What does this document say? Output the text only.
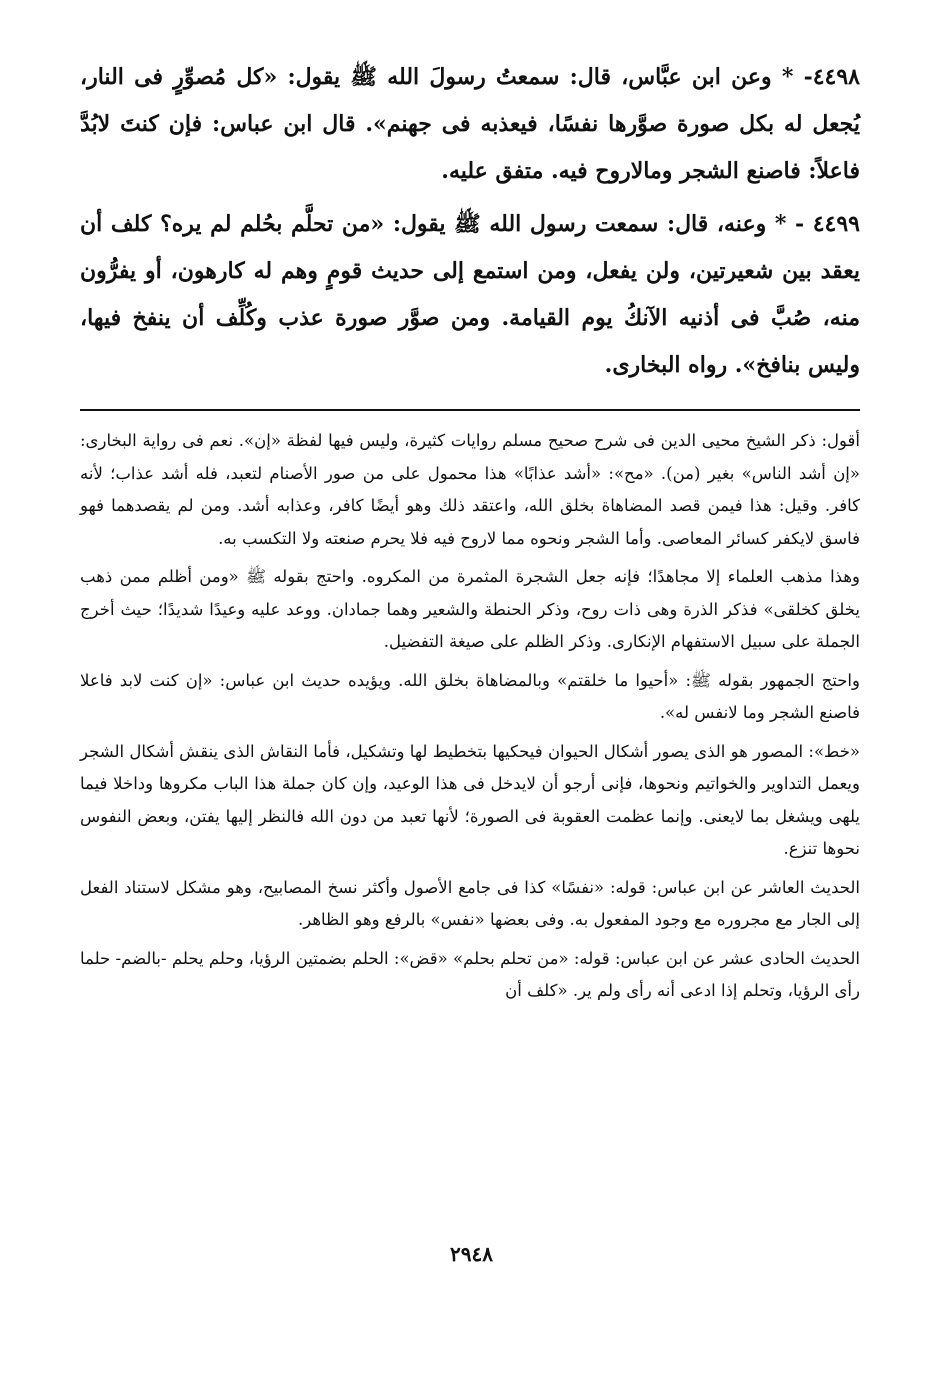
٤٤٩٨- * وعن ابن عبَّاس، قال: سمعتُ رسولَ الله ﷺ يقول: «كل مُصوِّرٍ فى النار، يُجعل له بكل صورة صوَّرها نفسًا، فيعذبه فى جهنم». قال ابن عباس: فإن كنتَ لابُدَّ فاعلاً: فاصنع الشجر ومالاروح فيه. متفق عليه.

٤٤٩٩ - * وعنه، قال: سمعت رسول الله ﷺ يقول: «من تحلَّم بحُلم لم يره؟ كلف أن يعقد بين شعيرتين، ولن يفعل، ومن استمع إلى حديث قومٍ وهم له كارهون، أو يفرُّون منه، صُبَّ فى أذنيه الآنكُ يوم القيامة. ومن صوَّر صورة عذب وكُلِّف أن ينفخ فيها، وليس بنافخ». رواه البخارى.

أقول: ذكر الشيخ محيى الدين فى شرح صحيح مسلم روايات كثيرة، وليس فيها لفظة «إن». نعم فى رواية البخارى: «إن أشد الناس» بغير (من). «مح»: «أشد عذابًا» هذا محمول على من صور الأصنام لتعبد، فله أشد عذاب؛ لأنه كافر. وقيل: هذا فيمن قصد المضاهاة بخلق الله، واعتقد ذلك وهو أيضًا كافر، وعذابه أشد. ومن لم يقصدهما فهو فاسق لايكفر كسائر المعاصى. وأما الشجر ونحوه مما لاروح فيه فلا يحرم صنعته ولا التكسب به.

وهذا مذهب العلماء إلا مجاهدًا؛ فإنه جعل الشجرة المثمرة من المكروه. واحتج بقوله ﷺ «ومن أظلم ممن ذهب يخلق كخلقى» فذكر الذرة وهى ذات روح، وذكر الحنطة والشعير وهما جمادان. ووعد عليه وعيدًا شديدًا؛ حيث أخرج الجملة على سبيل الاستفهام الإنكارى. وذكر الظلم على صيغة التفضيل.

واحتج الجمهور بقوله ﷺ: «أحيوا ما خلقتم» وبالمضاهاة بخلق الله. ويؤيده حديث ابن عباس: «إن كنت لابد فاعلا فاصنع الشجر وما لانفس له».

«خط»: المصور هو الذى يصور أشكال الحيوان فيحكيها بتخطيط لها وتشكيل، فأما النقاش الذى ينقش أشكال الشجر ويعمل التداوير والخواتيم ونحوها، فإنى أرجو أن لايدخل فى هذا الوعيد، وإن كان جملة هذا الباب مكروها وداخلا فيما يلهى ويشغل بما لايعنى. وإنما عظمت العقوبة فى الصورة؛ لأنها تعبد من دون الله فالنظر إليها يفتن، وبعض النفوس نحوها تنزع.

الحديث العاشر عن ابن عباس: قوله: «نفسًا» كذا فى جامع الأصول وأكثر نسخ المصابيح، وهو مشكل لاستناد الفعل إلى الجار مع مجروره مع وجود المفعول به. وفى بعضها «نفس» بالرفع وهو الظاهر.

الحديث الحادى عشر عن ابن عباس: قوله: «من تحلم بحلم» «قض»: الحلم بضمتين الرؤيا، وحلم يحلم -بالضم- حلما رأى الرؤيا، وتحلم إذا ادعى أنه رأى ولم ير. «كلف أن

٢٩٤٨
